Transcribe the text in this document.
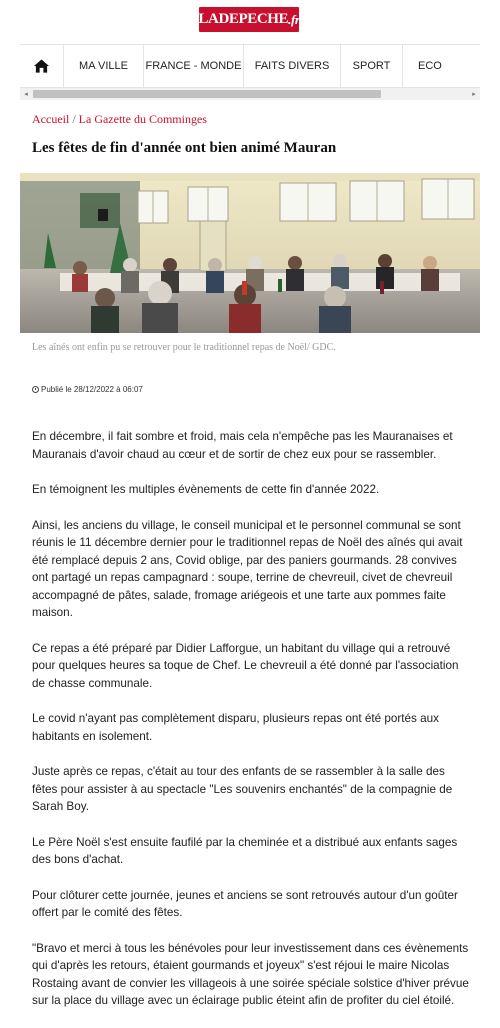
LADEPECHE .fr
MA VILLE	FRANCE - MONDE	FAITS DIVERS	SPORT	ECO
◂	▸
Accueil / La Gazette du Comminges
Les fêtes de fin d'année ont bien animé Mauran
Les aînés ont enfin pu se retrouver pour le traditionnel repas de Noël/ GDC.
Publié le 28/12/2022 à 06:07

En décembre, il fait sombre et froid, mais cela n'empêche pas les Mauranaises et Mauranais d'avoir chaud au cœur et de sortir de chez eux pour se rassembler.

En témoignent les multiples évènements de cette fin d'année 2022.

Ainsi, les anciens du village, le conseil municipal et le personnel communal se sont réunis le 11 décembre dernier pour le traditionnel repas de Noël des aînés qui avait été remplacé depuis 2 ans, Covid oblige, par des paniers gourmands. 28 convives ont partagé un repas campagnard : soupe, terrine de chevreuil, civet de chevreuil accompagné de pâtes, salade, fromage ariégeois et une tarte aux pommes faite maison.

Ce repas a été préparé par Didier Lafforgue, un habitant du village qui a retrouvé pour quelques heures sa toque de Chef. Le chevreuil a été donné par l'association de chasse communale.

Le covid n'ayant pas complètement disparu, plusieurs repas ont été portés aux habitants en isolement.

Juste après ce repas, c'était au tour des enfants de se rassembler à la salle des fêtes pour assister à au spectacle "Les souvenirs enchantés" de la compagnie de Sarah Boy.

Le Père Noël s'est ensuite faufilé par la cheminée et a distribué aux enfants sages des bons d'achat.

Pour clôturer cette journée, jeunes et anciens se sont retrouvés autour d'un goûter offert par le comité des fêtes.

"Bravo et merci à tous les bénévoles pour leur investissement dans ces évènements qui d'après les retours, étaient gourmands et joyeux" s'est réjoui le maire Nicolas Rostaing avant de convier les villageois à une soirée spéciale solstice d'hiver prévue sur la place du village avec un éclairage public éteint afin de profiter du ciel étoilé.
